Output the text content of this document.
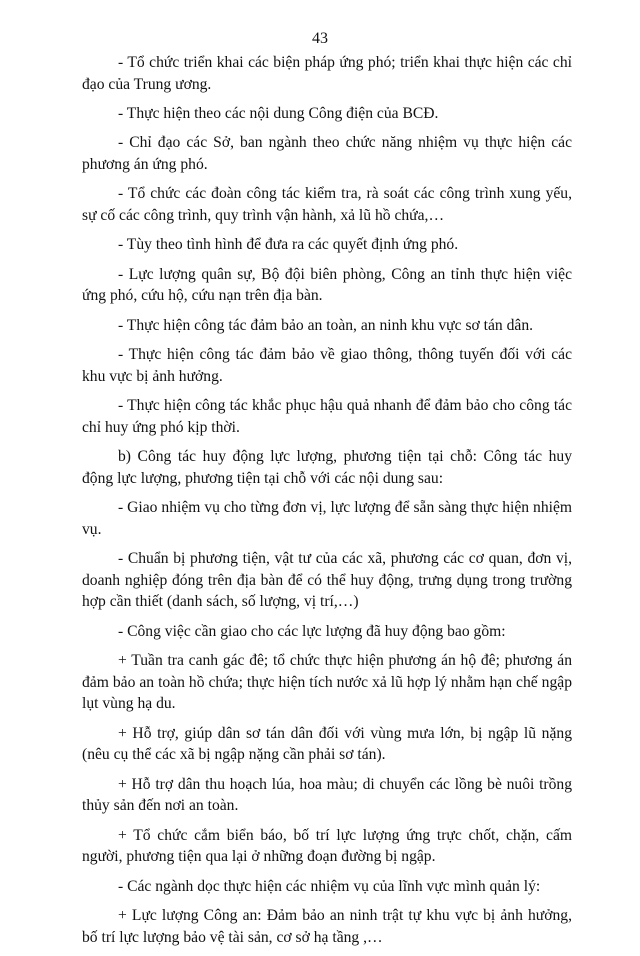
43

- Tổ chức triển khai các biện pháp ứng phó; triển khai thực hiện các chỉ đạo của Trung ương.

- Thực hiện theo các nội dung Công điện của BCĐ.

- Chỉ đạo các Sở, ban ngành theo chức năng nhiệm vụ thực hiện các phương án ứng phó.

- Tổ chức các đoàn công tác kiểm tra, rà soát các công trình xung yếu, sự cố các công trình, quy trình vận hành, xả lũ hồ chứa,…

- Tùy theo tình hình để đưa ra các quyết định ứng phó.

- Lực lượng quân sự, Bộ đội biên phòng, Công an tỉnh thực hiện việc ứng phó, cứu hộ, cứu nạn trên địa bàn.

- Thực hiện công tác đảm bảo an toàn, an ninh khu vực sơ tán dân.

- Thực hiện công tác đảm bảo về giao thông, thông tuyến đối với các khu vực bị ảnh hưởng.

- Thực hiện công tác khắc phục hậu quả nhanh để đảm bảo cho công tác chỉ huy ứng phó kịp thời.

b) Công tác huy động lực lượng, phương tiện tại chỗ: Công tác huy động lực lượng, phương tiện tại chỗ với các nội dung sau:

- Giao nhiệm vụ cho từng đơn vị, lực lượng để sẵn sàng thực hiện nhiệm vụ.

- Chuẩn bị phương tiện, vật tư của các xã, phương các cơ quan, đơn vị, doanh nghiệp đóng trên địa bàn để có thể huy động, trưng dụng trong trường hợp cần thiết (danh sách, số lượng, vị trí,…)

- Công việc cần giao cho các lực lượng đã huy động bao gồm:

+ Tuần tra canh gác đê; tổ chức thực hiện phương án hộ đê; phương án đảm bảo an toàn hồ chứa; thực hiện tích nước xả lũ hợp lý nhằm hạn chế ngập lụt vùng hạ du.

+ Hỗ trợ, giúp dân sơ tán dân đối với vùng mưa lớn, bị ngập lũ nặng (nêu cụ thể các xã bị ngập nặng cần phải sơ tán).

+ Hỗ trợ dân thu hoạch lúa, hoa màu; di chuyển các lồng bè nuôi trồng thủy sản đến nơi an toàn.

+ Tổ chức cắm biển báo, bố trí lực lượng ứng trực chốt, chặn, cấm người, phương tiện qua lại ở những đoạn đường bị ngập.

- Các ngành dọc thực hiện các nhiệm vụ của lĩnh vực mình quản lý:

+ Lực lượng Công an: Đảm bảo an ninh trật tự khu vực bị ảnh hưởng, bố trí lực lượng bảo vệ tài sản, cơ sở hạ tầng ,…
